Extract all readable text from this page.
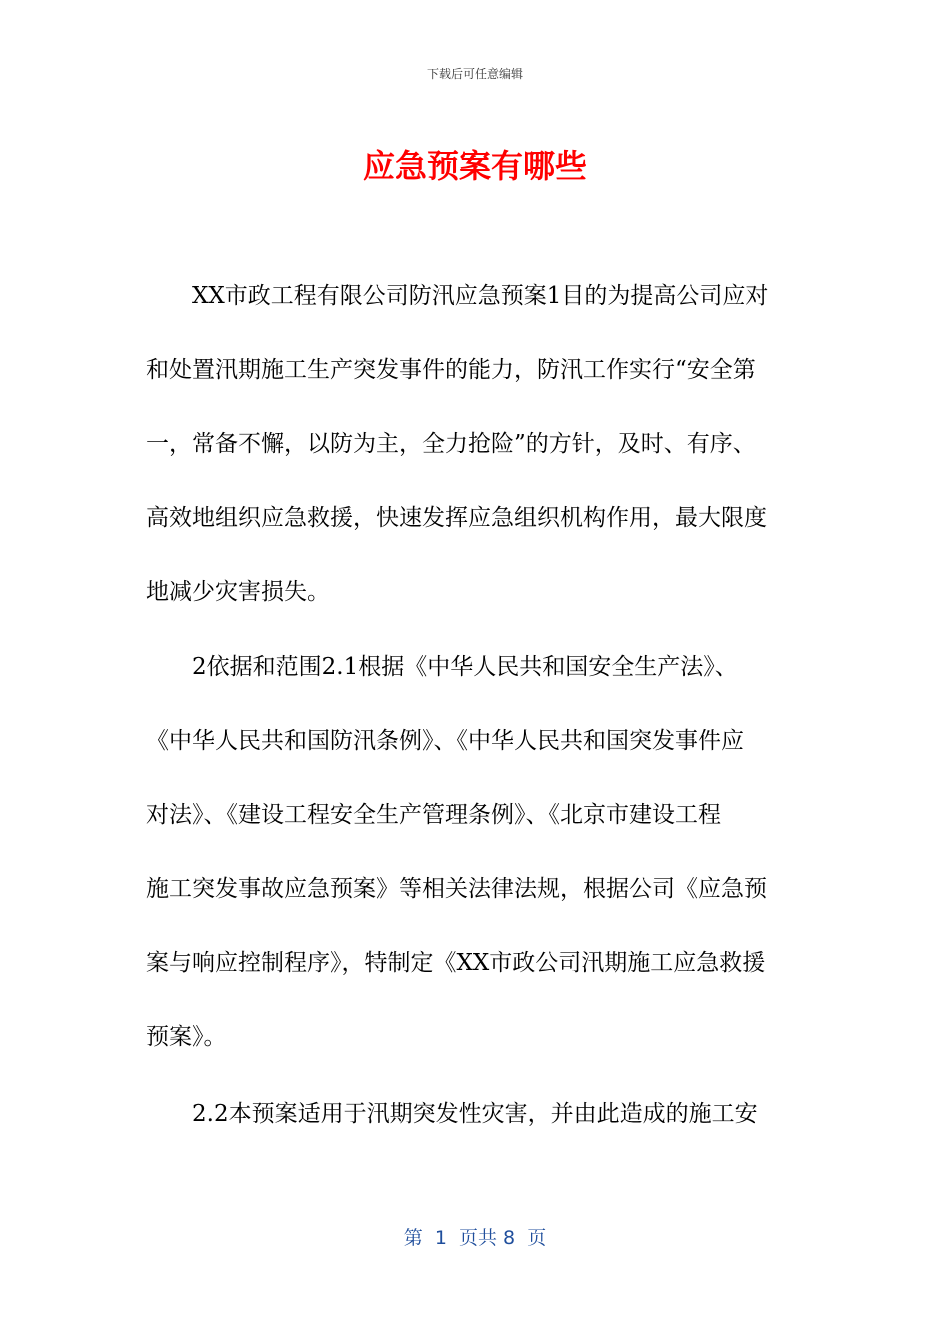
下载后可任意编辑
应急预案有哪些
　　XX市政工程有限公司防汛应急预案1目的为提高公司应对
和处置汛期施工生产突发事件的能力，防汛工作实行“安全第
一，常备不懈，以防为主，全力抢险”的方针，及时、有序、
高效地组织应急救援，快速发挥应急组织机构作用，最大限度
地减少灾害损失。
　　2依据和范围2.1根据《中华人民共和国安全生产法》、
《中华人民共和国防汛条例》、《中华人民共和国突发事件应
对法》、《建设工程安全生产管理条例》、《北京市建设工程
施工突发事故应急预案》等相关法律法规，根据公司《应急预
案与响应控制程序》，特制定《XX市政公司汛期施工应急救援
预案》。
　　2.2本预案适用于汛期突发性灾害，并由此造成的施工安
第  1  页共 8  页
